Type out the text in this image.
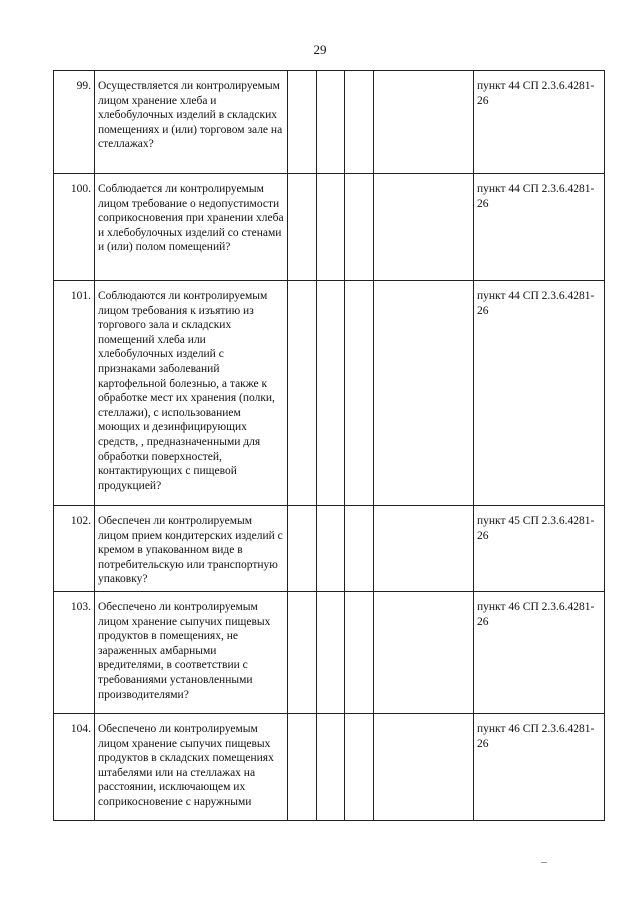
29
99.	Осуществляется ли контролируемым лицом хранение хлеба и хлебобулочных изделий в складских помещениях и (или) торговом зале на стеллажах?					пункт 44 СП 2.3.6.4281-26
100.	Соблюдается ли контролируемым лицом требование о недопустимости соприкосновения при хранении хлеба и хлебобулочных изделий со стенами и (или) полом помещений?					пункт 44 СП 2.3.6.4281-26
101.	Соблюдаются ли контролируемым лицом требования к изъятию из торгового зала и складских помещений хлеба или хлебобулочных изделий с признаками заболеваний картофельной болезнью, а также к обработке мест их хранения (полки, стеллажи), с использованием моющих и дезинфицирующих средств, , предназначенными для обработки поверхностей, контактирующих с пищевой продукцией?					пункт 44 СП 2.3.6.4281-26
102.	Обеспечен ли контролируемым лицом прием кондитерских изделий с кремом в упакованном виде в потребительскую или транспортную упаковку?					пункт 45 СП 2.3.6.4281-26
103.	Обеспечено ли контролируемым лицом хранение сыпучих пищевых продуктов в помещениях, не зараженных амбарными вредителями, в соответствии с требованиями установленными производителями?					пункт 46 СП 2.3.6.4281-26
104.	Обеспечено ли контролируемым лицом хранение сыпучих пищевых продуктов в складских помещениях штабелями или на стеллажах на расстоянии, исключающем их соприкосновение с наружными					пункт 46 СП 2.3.6.4281-26
